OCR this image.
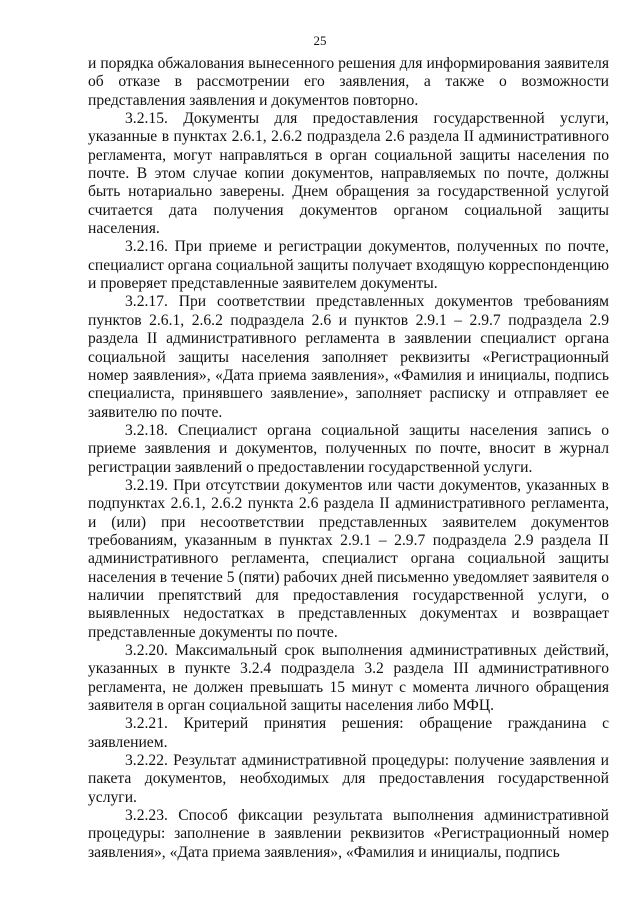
25

и порядка обжалования вынесенного решения для информирования заявителя об отказе в рассмотрении его заявления, а также о возможности представления заявления и документов повторно.

3.2.15. Документы для предоставления государственной услуги, указанные в пунктах 2.6.1, 2.6.2 подраздела 2.6 раздела II административного регламента, могут направляться в орган социальной защиты населения по почте. В этом случае копии документов, направляемых по почте, должны быть нотариально заверены. Днем обращения за государственной услугой считается дата получения документов органом социальной защиты населения.

3.2.16. При приеме и регистрации документов, полученных по почте, специалист органа социальной защиты получает входящую корреспонденцию и проверяет представленные заявителем документы.

3.2.17. При соответствии представленных документов требованиям пунктов 2.6.1, 2.6.2 подраздела 2.6 и пунктов 2.9.1 – 2.9.7 подраздела 2.9 раздела II административного регламента в заявлении специалист органа социальной защиты населения заполняет реквизиты «Регистрационный номер заявления», «Дата приема заявления», «Фамилия и инициалы, подпись специалиста, принявшего заявление», заполняет расписку и отправляет ее заявителю по почте.

3.2.18. Специалист органа социальной защиты населения запись о приеме заявления и документов, полученных по почте, вносит в журнал регистрации заявлений о предоставлении государственной услуги.

3.2.19. При отсутствии документов или части документов, указанных в подпунктах 2.6.1, 2.6.2 пункта 2.6 раздела II административного регламента, и (или) при несоответствии представленных заявителем документов требованиям, указанным в пунктах 2.9.1 – 2.9.7 подраздела 2.9 раздела II административного регламента, специалист органа социальной защиты населения в течение 5 (пяти) рабочих дней письменно уведомляет заявителя о наличии препятствий для предоставления государственной услуги, о выявленных недостатках в представленных документах и возвращает представленные документы по почте.

3.2.20. Максимальный срок выполнения административных действий, указанных в пункте 3.2.4 подраздела 3.2 раздела III административного регламента, не должен превышать 15 минут с момента личного обращения заявителя в орган социальной защиты населения либо МФЦ.

3.2.21. Критерий принятия решения: обращение гражданина с заявлением.

3.2.22. Результат административной процедуры: получение заявления и пакета документов, необходимых для предоставления государственной услуги.

3.2.23. Способ фиксации результата выполнения административной процедуры: заполнение в заявлении реквизитов «Регистрационный номер заявления», «Дата приема заявления», «Фамилия и инициалы, подпись
